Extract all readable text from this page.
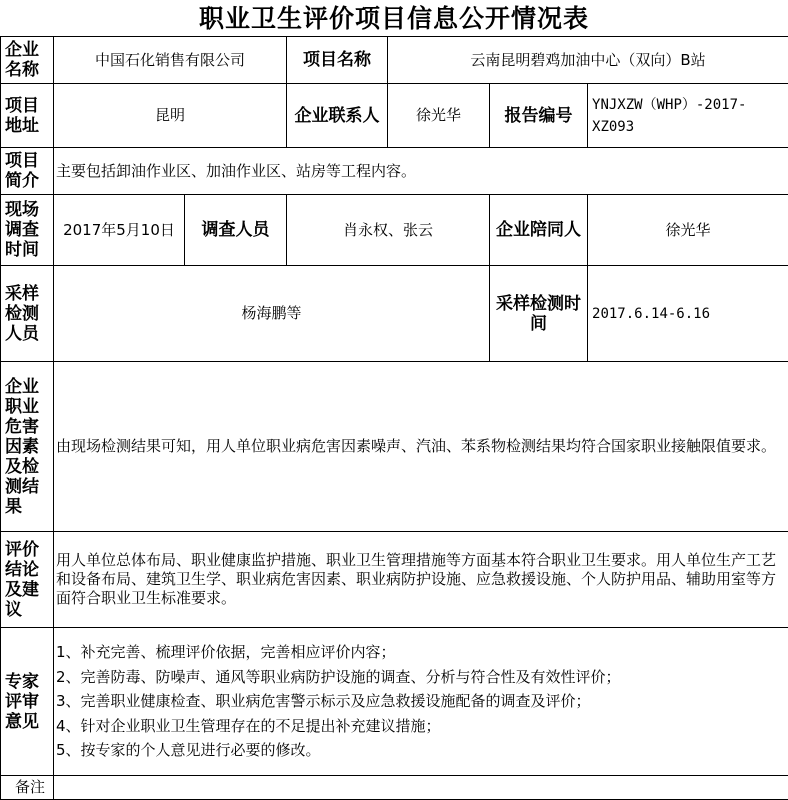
职业卫生评价项目信息公开情况表
企业名称	中国石化销售有限公司		项目名称	云南昆明碧鸡加油中心（双向）B站		
项目地址	昆明		企业联系人	徐光华	报告编号	YNJXZW（WHP）-2017-XZ093
项目简介	主要包括卸油作业区、加油作业区、站房等工程内容。					
现场调查时间	2017年5月10日	调查人员	肖永权、张云		企业陪同人	徐光华
采样检测人员	杨海鹏等				采样检测时间	2017.6.14-6.16
企业职业危害因素及检测结果	由现场检测结果可知，用人单位职业病危害因素噪声、汽油、苯系物检测结果均符合国家职业接触限值要求。					
评价结论及建议	用人单位总体布局、职业健康监护措施、职业卫生管理措施等方面基本符合职业卫生要求。用人单位生产工艺和设备布局、建筑卫生学、职业病危害因素、职业病防护设施、应急救援设施、个人防护用品、辅助用室等方面符合职业卫生标准要求。					
专家评审意见	1、补充完善、梳理评价依据，完善相应评价内容；
2、完善防毒、防噪声、通风等职业病防护设施的调查、分析与符合性及有效性评价；
3、完善职业健康检查、职业病危害警示标示及应急救援设施配备的调查及评价；
4、针对企业职业卫生管理存在的不足提出补充建议措施；
5、按专家的个人意见进行必要的修改。					

备注						
